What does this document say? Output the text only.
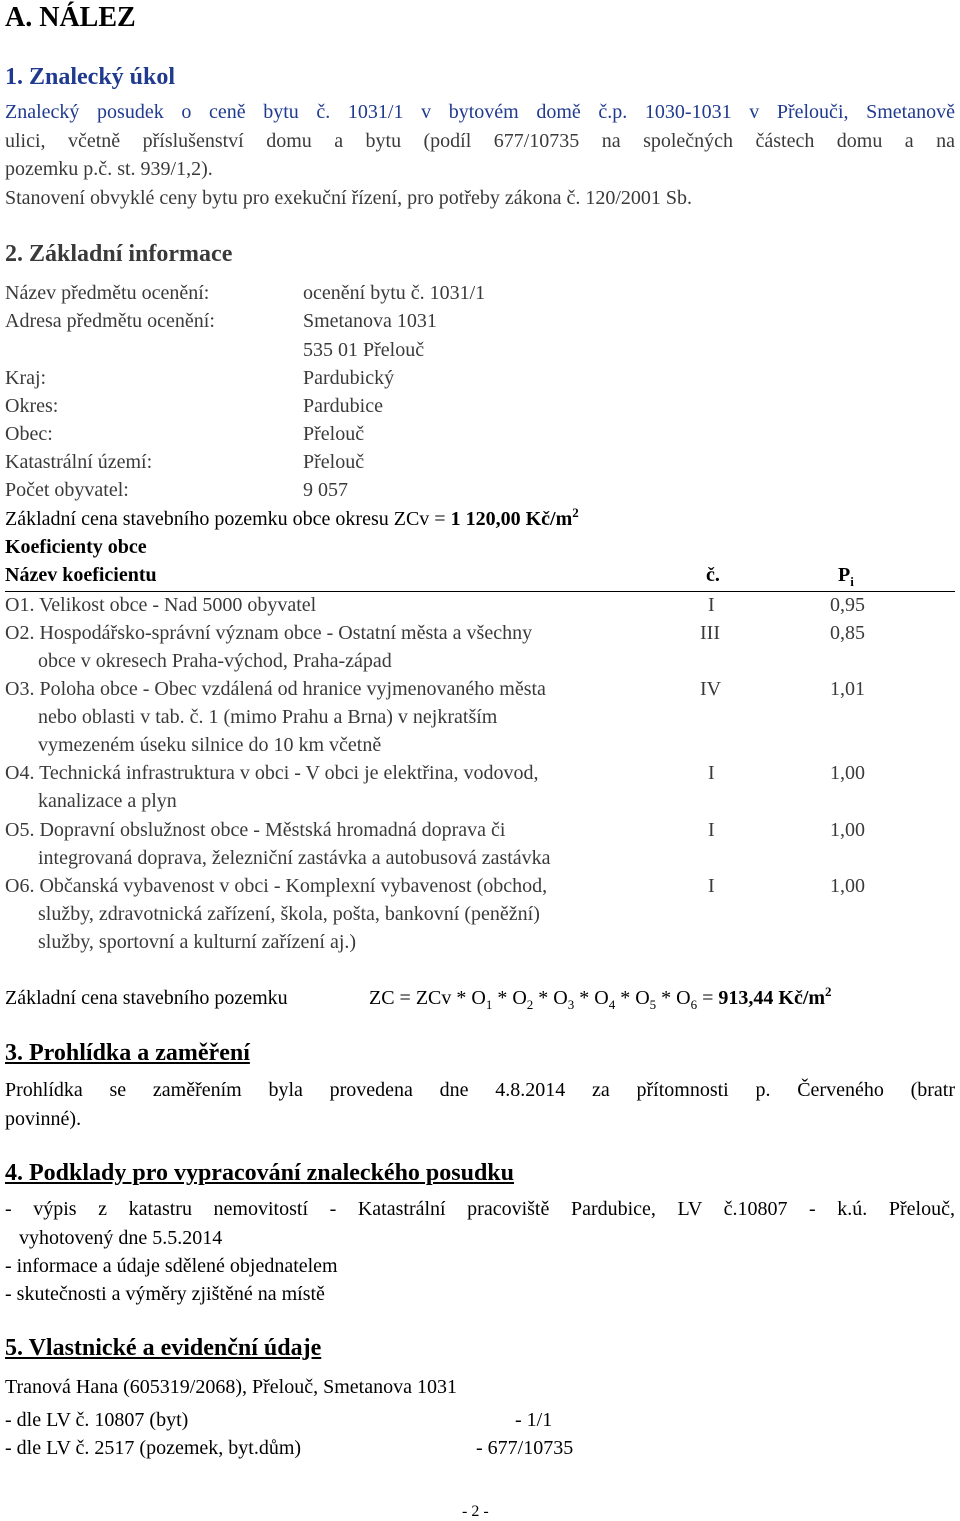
A. NÁLEZ
1. Znalecký úkol
Znalecký posudek o ceně bytu č. 1031/1 v bytovém domě č.p. 1030-1031 v Přelouči, Smetanově
ulici, včetně příslušenství domu a bytu (podíl 677/10735 na společných částech domu a na
pozemku p.č. st. 939/1,2).
Stanovení obvyklé ceny bytu pro exekuční řízení, pro potřeby zákona č. 120/2001 Sb.
2. Základní informace
Název předmětu ocenění:	ocenění bytu č. 1031/1
Adresa předmětu ocenění:	Smetanova 1031
535 01 Přelouč
Kraj:	Pardubický
Okres:	Pardubice
Obec:	Přelouč
Katastrální území:	Přelouč
Počet obyvatel:	9 057
Základní cena stavebního pozemku obce okresu ZCv = 1 120,00 $Kč/m^2$
Koeficienty obce
Název koeficientu	č.	$P_i$
O1. Velikost obce - Nad 5000 obyvatel	I	0,95
O2. Hospodářsko-správní význam obce - Ostatní města a všechny
obce v okresech Praha-východ, Praha-západ
III	0,85
O3. Poloha obce - Obec vzdálená od hranice vyjmenovaného města
nebo oblasti v tab. č. 1 (mimo Prahu a Brna) v nejkratším
vymezeném úseku silnice do 10 km včetně
IV	1,01
O4. Technická infrastruktura v obci - V obci je elektřina, vodovod,
kanalizace a plyn
I	1,00
O5. Dopravní obslužnost obce - Městská hromadná doprava či
integrovaná doprava, železniční zastávka a autobusová zastávka
I	1,00
O6. Občanská vybavenost v obci - Komplexní vybavenost (obchod,
služby, zdravotnická zařízení, škola, pošta, bankovní (peněžní)
služby, sportovní a kulturní zařízení aj.)
I	1,00
Základní cena stavebního pozemku	ZC = ZCv * $O_1 * O_2 * O_3 * O_4 * O_5 * O_6 = 913,44$ $Kč/m^2$
3. Prohlídka a zaměření
Prohlídka se zaměřením byla provedena dne 4.8.2014 za přítomnosti p. Červeného (bratr
povinné).
4. Podklady pro vypracování znaleckého posudku
- výpis z katastru nemovitostí - Katastrální pracoviště Pardubice, LV č.10807 - k.ú. Přelouč,
vyhotovený dne 5.5.2014
- informace a údaje sdělené objednatelem
- skutečnosti a výměry zjištěné na místě
5. Vlastnické a evidenční údaje
Tranová Hana (605319/2068), Přelouč, Smetanova 1031
- dle LV č. 10807 (byt)	- 1/1
- dle LV č. 2517 (pozemek, byt.dům)	- 677/10735
- 2 -
